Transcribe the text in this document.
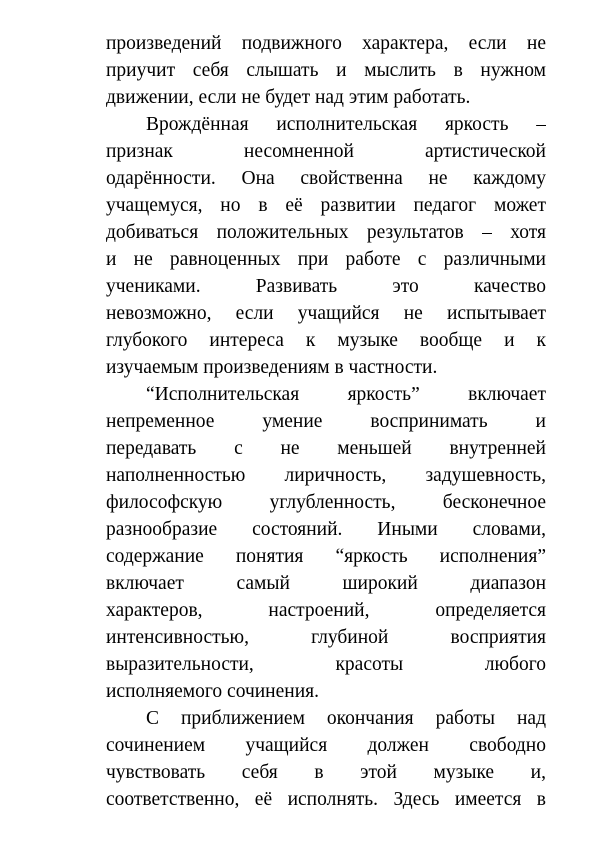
произведений подвижного характера, если не
приучит себя слышать и мыслить в нужном
движении, если не будет над этим работать.
Врождённая исполнительская яркость –
признак несомненной артистической
одарённости. Она свойственна не каждому
учащемуся, но в её развитии педагог может
добиваться положительных результатов – хотя
и не равноценных при работе с различными
учениками. Развивать это качество
невозможно, если учащийся не испытывает
глубокого интереса к музыке вообще и к
изучаемым произведениям в частности.
“Исполнительская яркость” включает
непременное умение воспринимать и
передавать с не меньшей внутренней
наполненностью лиричность, задушевность,
философскую углубленность, бесконечное
разнообразие состояний. Иными словами,
содержание понятия “яркость исполнения”
включает самый широкий диапазон
характеров, настроений, определяется
интенсивностью, глубиной восприятия
выразительности, красоты любого
исполняемого сочинения.
С приближением окончания работы над
сочинением учащийся должен свободно
чувствовать себя в этой музыке и,
соответственно, её исполнять. Здесь имеется в
